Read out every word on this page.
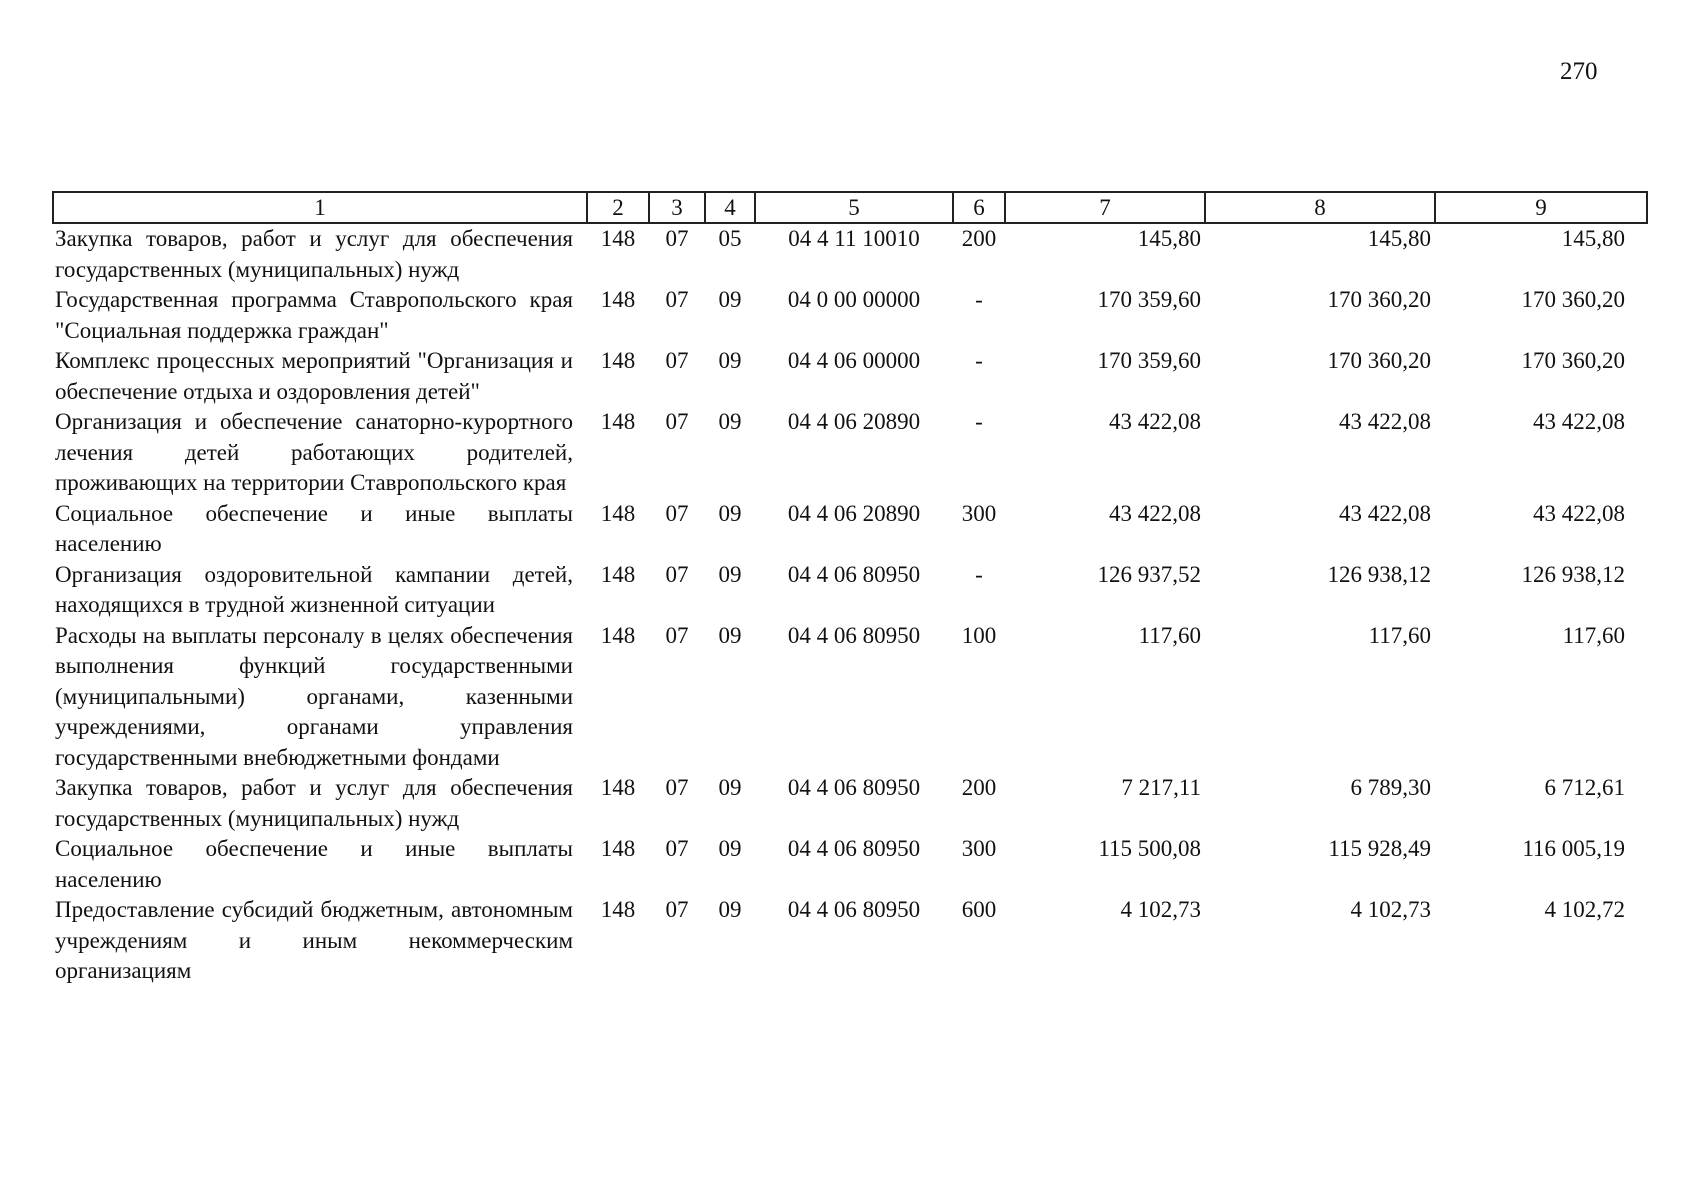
270
1	2	3	4	5	6	7	8	9
Закупка товаров, работ и услуг для обеспечения государственных (муниципальных) нужд	148	07	05	04 4 11 10010	200	145,80	145,80	145,80
Государственная программа Ставропольского края "Социальная поддержка граждан"	148	07	09	04 0 00 00000	-	170 359,60	170 360,20	170 360,20
Комплекс процессных мероприятий "Организация и обеспечение отдыха и оздоровления детей"	148	07	09	04 4 06 00000	-	170 359,60	170 360,20	170 360,20
Организация и обеспечение санаторно-курортного лечения детей работающих родителей, проживающих на территории Ставропольского края	148	07	09	04 4 06 20890	-	43 422,08	43 422,08	43 422,08
Социальное обеспечение и иные выплаты населению	148	07	09	04 4 06 20890	300	43 422,08	43 422,08	43 422,08
Организация оздоровительной кампании детей, находящихся в трудной жизненной ситуации	148	07	09	04 4 06 80950	-	126 937,52	126 938,12	126 938,12
Расходы на выплаты персоналу в целях обеспечения выполнения функций государственными (муниципальными) органами, казенными учреждениями, органами управления государственными внебюджетными фондами	148	07	09	04 4 06 80950	100	117,60	117,60	117,60
Закупка товаров, работ и услуг для обеспечения государственных (муниципальных) нужд	148	07	09	04 4 06 80950	200	7 217,11	6 789,30	6 712,61
Социальное обеспечение и иные выплаты населению	148	07	09	04 4 06 80950	300	115 500,08	115 928,49	116 005,19
Предоставление субсидий бюджетным, автономным учреждениям и иным некоммерческим организациям	148	07	09	04 4 06 80950	600	4 102,73	4 102,73	4 102,72
